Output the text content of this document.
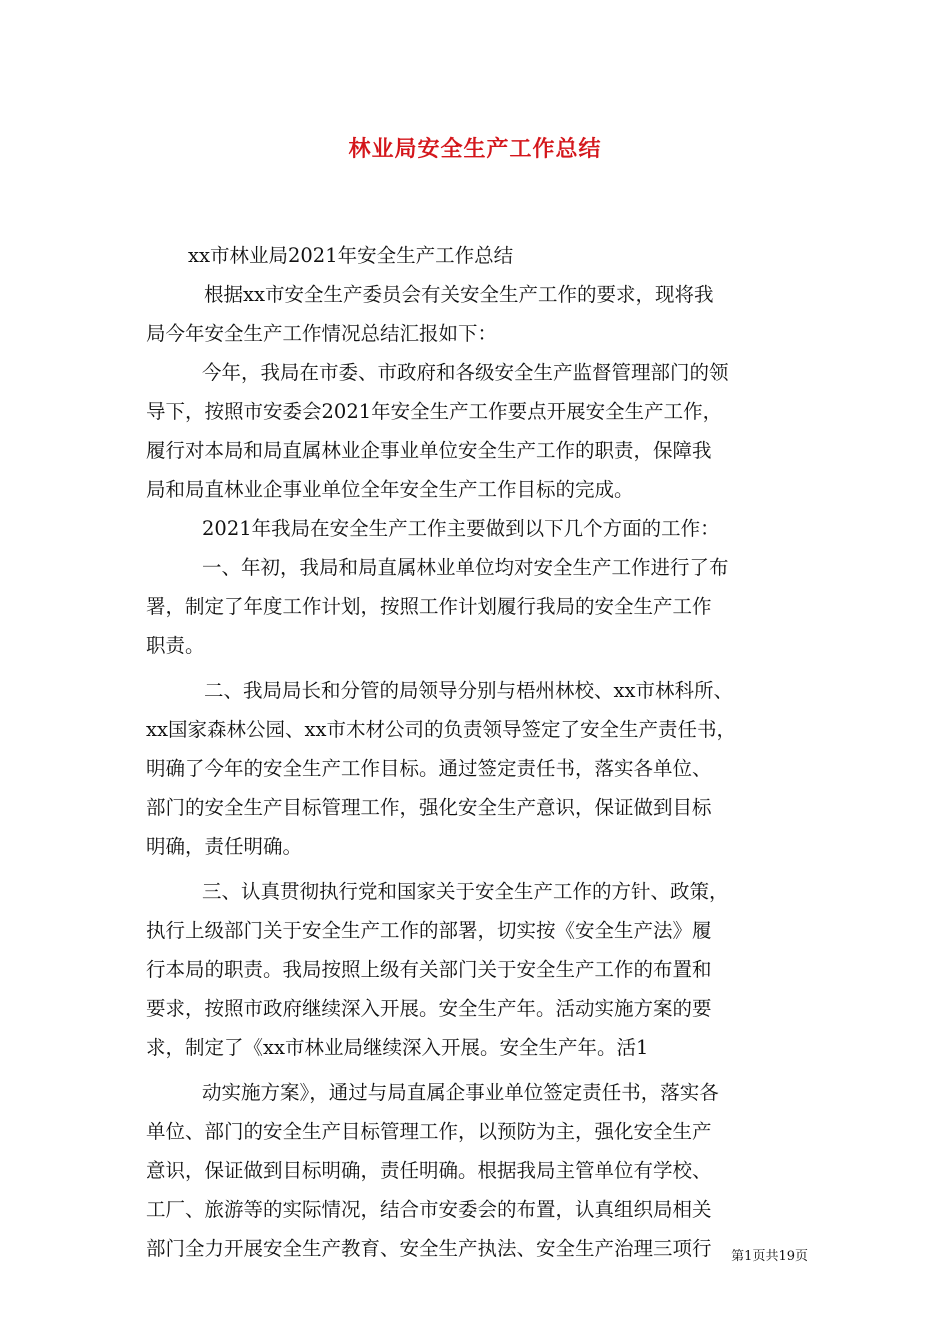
林业局安全生产工作总结

xx市林业局2021年安全生产工作总结

根据xx市安全生产委员会有关安全生产工作的要求，现将我

局今年安全生产工作情况总结汇报如下：

今年，我局在市委、市政府和各级安全生产监督管理部门的领

导下，按照市安委会2021年安全生产工作要点开展安全生产工作，

履行对本局和局直属林业企事业单位安全生产工作的职责，保障我

局和局直林业企事业单位全年安全生产工作目标的完成。

2021年我局在安全生产工作主要做到以下几个方面的工作：

一、年初，我局和局直属林业单位均对安全生产工作进行了布

署，制定了年度工作计划，按照工作计划履行我局的安全生产工作

职责。

二、我局局长和分管的局领导分别与梧州林校、xx市林科所、

xx国家森林公园、xx市木材公司的负责领导签定了安全生产责任书，

明确了今年的安全生产工作目标。通过签定责任书，落实各单位、

部门的安全生产目标管理工作，强化安全生产意识，保证做到目标

明确，责任明确。

三、认真贯彻执行党和国家关于安全生产工作的方针、政策，

执行上级部门关于安全生产工作的部署，切实按《安全生产法》履

行本局的职责。我局按照上级有关部门关于安全生产工作的布置和

要求，按照市政府继续深入开展。安全生产年。活动实施方案的要

求，制定了《xx市林业局继续深入开展。安全生产年。活1

动实施方案》，通过与局直属企事业单位签定责任书，落实各

单位、部门的安全生产目标管理工作，以预防为主，强化安全生产

意识，保证做到目标明确，责任明确。根据我局主管单位有学校、

工厂、旅游等的实际情况，结合市安委会的布置，认真组织局相关

部门全力开展安全生产教育、安全生产执法、安全生产治理三项行	第1页共19页
